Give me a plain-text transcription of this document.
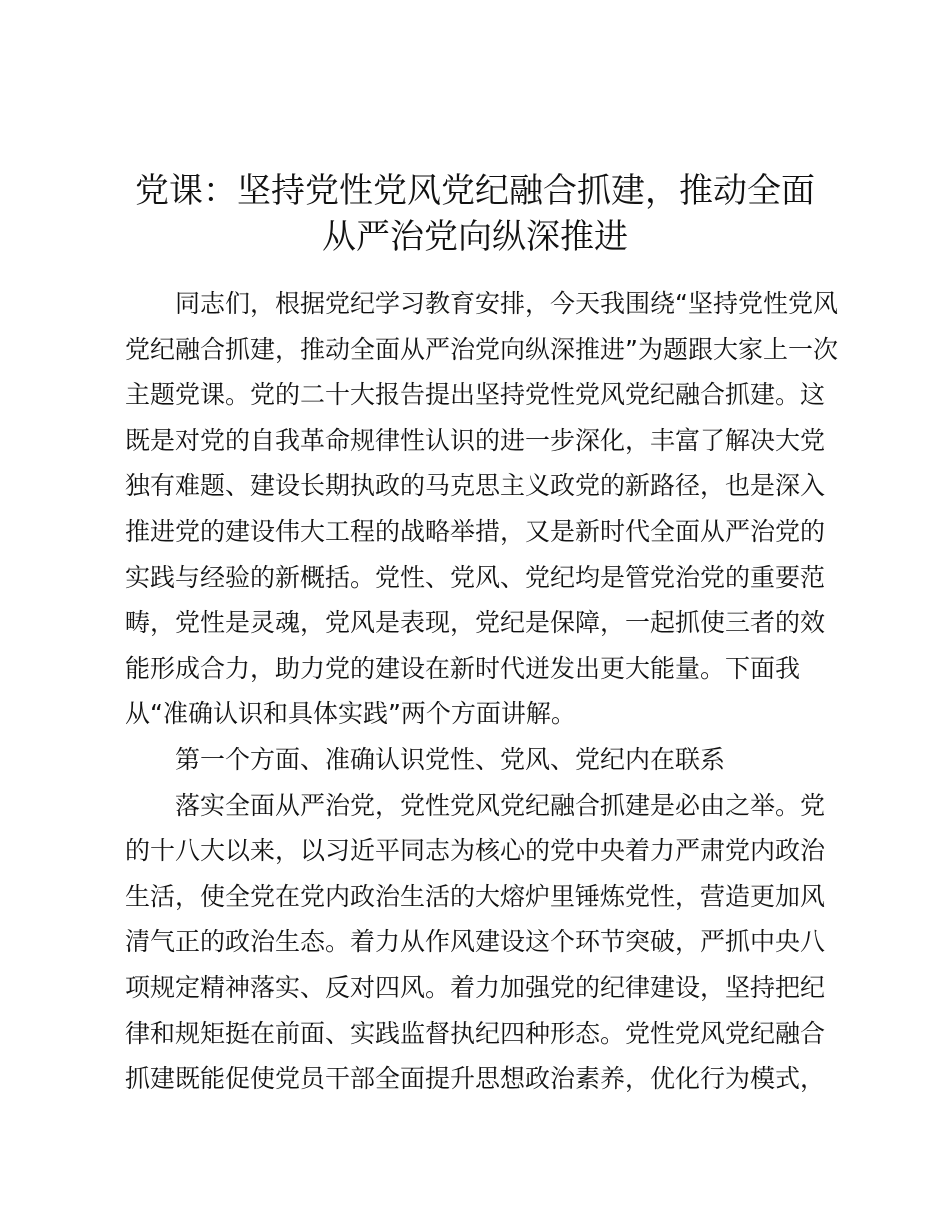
党课：坚持党性党风党纪融合抓建，推动全面
从严治党向纵深推进
同志们，根据党纪学习教育安排，今天我围绕“坚持党性党风
党纪融合抓建，推动全面从严治党向纵深推进”为题跟大家上一次
主题党课。党的二十大报告提出坚持党性党风党纪融合抓建。这
既是对党的自我革命规律性认识的进一步深化，丰富了解决大党
独有难题、建设长期执政的马克思主义政党的新路径，也是深入
推进党的建设伟大工程的战略举措，又是新时代全面从严治党的
实践与经验的新概括。党性、党风、党纪均是管党治党的重要范
畴，党性是灵魂，党风是表现，党纪是保障，一起抓使三者的效
能形成合力，助力党的建设在新时代迸发出更大能量。下面我
从“准确认识和具体实践”两个方面讲解。
第一个方面、准确认识党性、党风、党纪内在联系
落实全面从严治党，党性党风党纪融合抓建是必由之举。党
的十八大以来，以习近平同志为核心的党中央着力严肃党内政治
生活，使全党在党内政治生活的大熔炉里锤炼党性，营造更加风
清气正的政治生态。着力从作风建设这个环节突破，严抓中央八
项规定精神落实、反对四风。着力加强党的纪律建设，坚持把纪
律和规矩挺在前面、实践监督执纪四种形态。党性党风党纪融合
抓建既能促使党员干部全面提升思想政治素养，优化行为模式，
